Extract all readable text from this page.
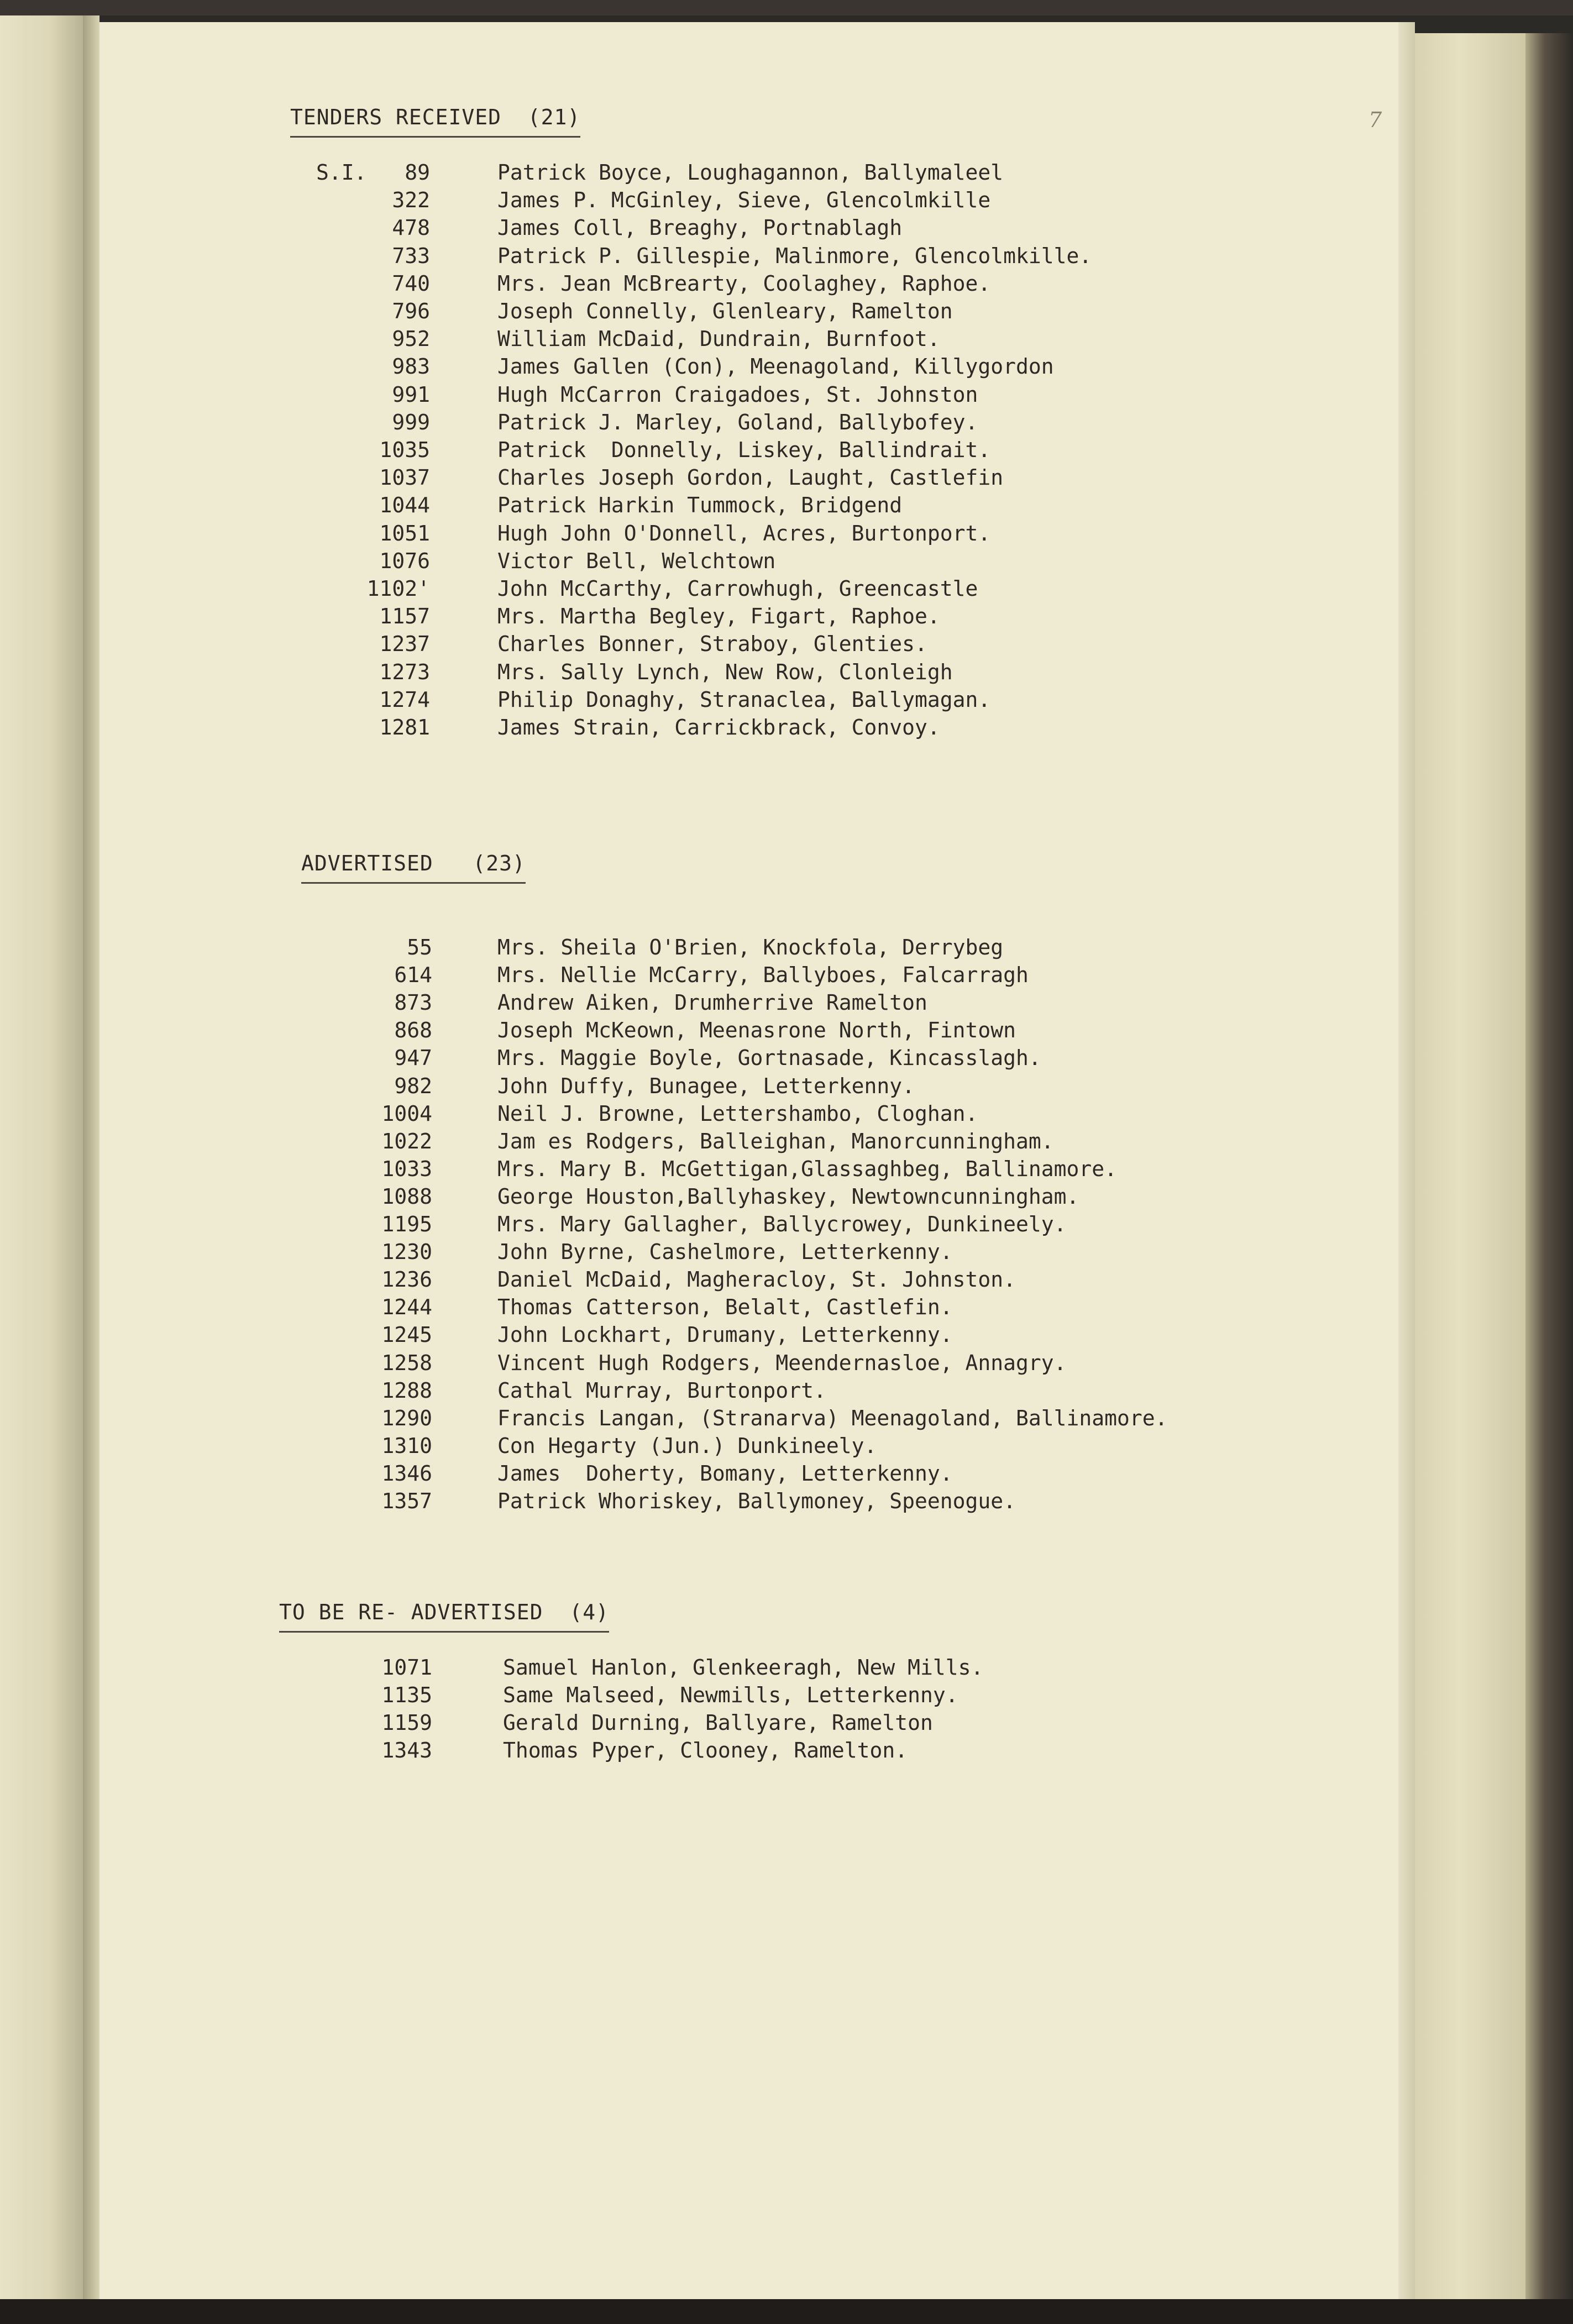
7
TENDERS RECEIVED  (21)
S.I.	89	Patrick Boyce, Loughagannon, Ballymaleel
322	James P. McGinley, Sieve, Glencolmkille
478	James Coll, Breaghy, Portnablagh
733	Patrick P. Gillespie, Malinmore, Glencolmkille.
740	Mrs. Jean McBrearty, Coolaghey, Raphoe.
796	Joseph Connelly, Glenleary, Ramelton
952	William McDaid, Dundrain, Burnfoot.
983	James Gallen (Con), Meenagoland, Killygordon
991	Hugh McCarron Craigadoes, St. Johnston
999	Patrick J. Marley, Goland, Ballybofey.
1035	Patrick  Donnelly, Liskey, Ballindrait.
1037	Charles Joseph Gordon, Laught, Castlefin
1044	Patrick Harkin Tummock, Bridgend
1051	Hugh John O'Donnell, Acres, Burtonport.
1076	Victor Bell, Welchtown
1102'	John McCarthy, Carrowhugh, Greencastle
1157	Mrs. Martha Begley, Figart, Raphoe.
1237	Charles Bonner, Straboy, Glenties.
1273	Mrs. Sally Lynch, New Row, Clonleigh
1274	Philip Donaghy, Stranaclea, Ballymagan.
1281	James Strain, Carrickbrack, Convoy.
ADVERTISED   (23)
55	Mrs. Sheila O'Brien, Knockfola, Derrybeg
614	Mrs. Nellie McCarry, Ballyboes, Falcarragh
873	Andrew Aiken, Drumherrive Ramelton
868	Joseph McKeown, Meenasrone North, Fintown
947	Mrs. Maggie Boyle, Gortnasade, Kincasslagh.
982	John Duffy, Bunagee, Letterkenny.
1004	Neil J. Browne, Lettershambo, Cloghan.
1022	Jam es Rodgers, Balleighan, Manorcunningham.
1033	Mrs. Mary B. McGettigan,Glassaghbeg, Ballinamore.
1088	George Houston,Ballyhaskey, Newtowncunningham.
1195	Mrs. Mary Gallagher, Ballycrowey, Dunkineely.
1230	John Byrne, Cashelmore, Letterkenny.
1236	Daniel McDaid, Magheracloy, St. Johnston.
1244	Thomas Catterson, Belalt, Castlefin.
1245	John Lockhart, Drumany, Letterkenny.
1258	Vincent Hugh Rodgers, Meendernasloe, Annagry.
1288	Cathal Murray, Burtonport.
1290	Francis Langan, (Stranarva) Meenagoland, Ballinamore.
1310	Con Hegarty (Jun.) Dunkineely.
1346	James  Doherty, Bomany, Letterkenny.
1357	Patrick Whoriskey, Ballymoney, Speenogue.
TO BE RE- ADVERTISED  (4)
1071	Samuel Hanlon, Glenkeeragh, New Mills.
1135	Same Malseed, Newmills, Letterkenny.
1159	Gerald Durning, Ballyare, Ramelton
1343	Thomas Pyper, Clooney, Ramelton.
